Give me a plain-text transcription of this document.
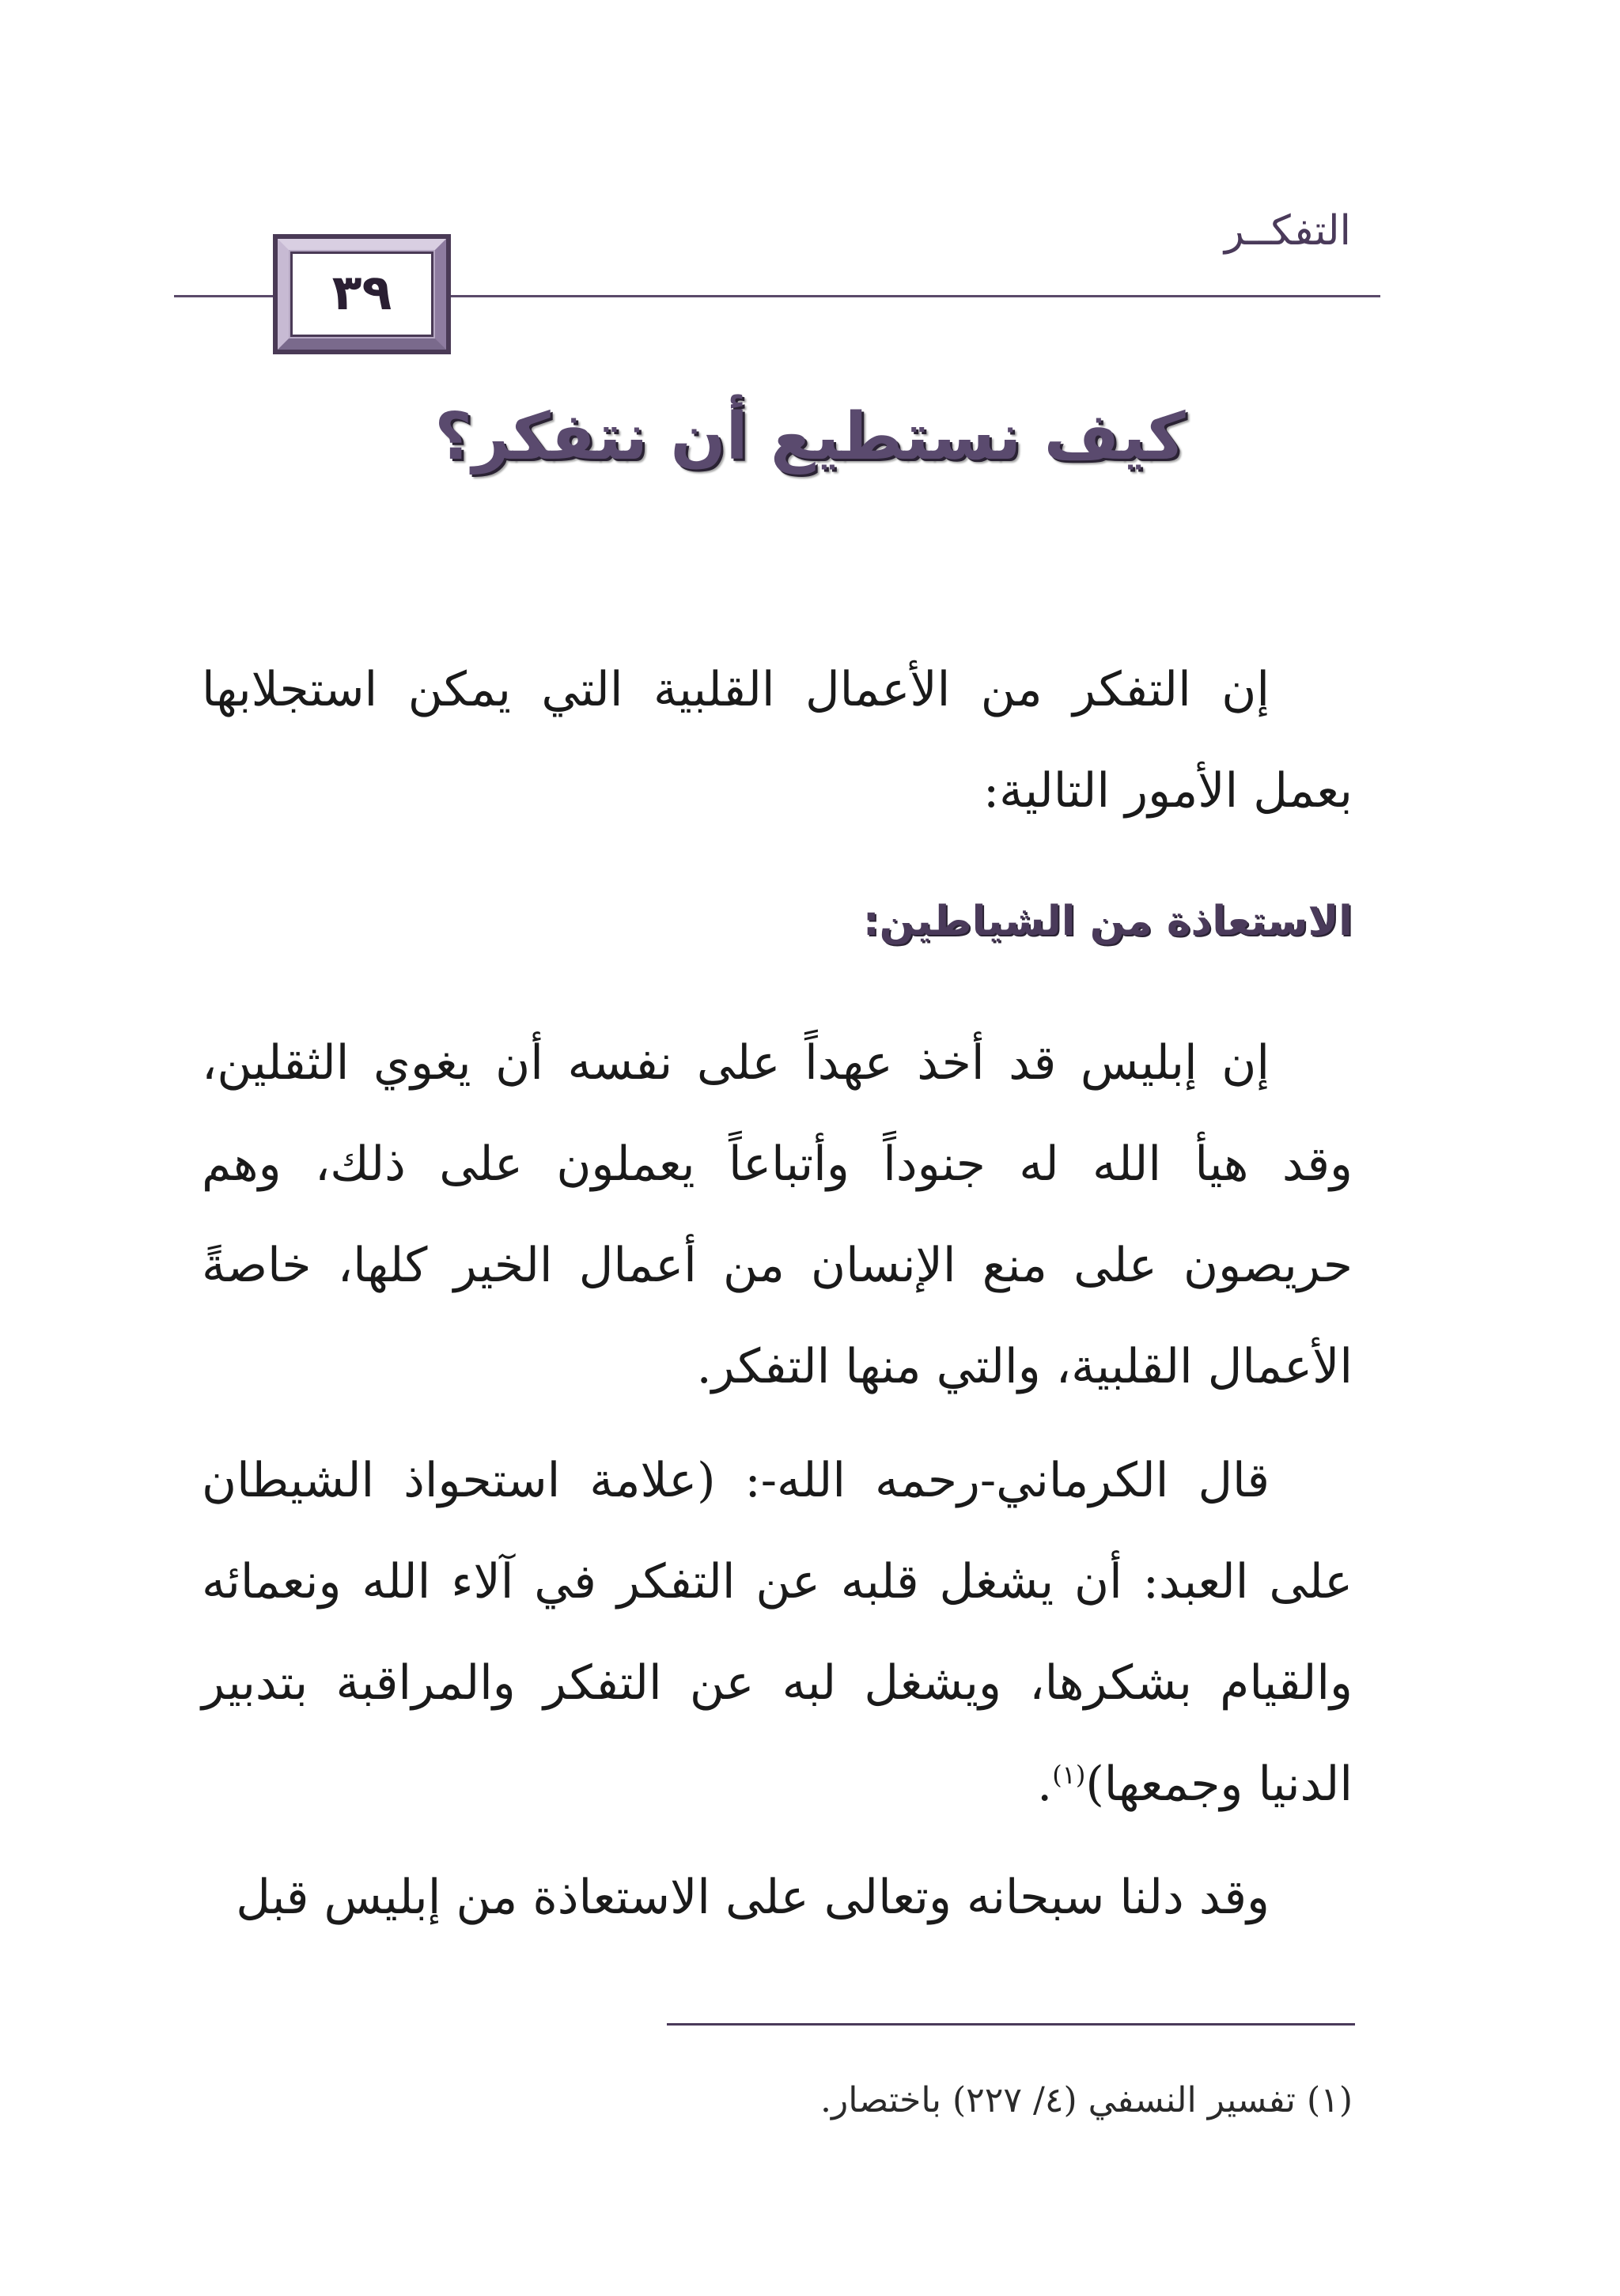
التفكــر
٣٩
كيف نستطيع أن نتفكر؟
إن التفكر من الأعمال القلبية التي يمكن استجلابها بعمل الأمور التالية:
الاستعاذة من الشياطين:
إن إبليس قد أخذ عهداً على نفسه أن يغوي الثقلين، وقد هيأ الله له جنوداً وأتباعاً يعملون على ذلك، وهم حريصون على منع الإنسان من أعمال الخير كلها، خاصةً الأعمال القلبية، والتي منها التفكر.
قال الكرماني-رحمه الله-: (علامة استحواذ الشيطان على العبد: أن يشغل قلبه عن التفكر في آلاء الله ونعمائه والقيام بشكرها، ويشغل لبه عن التفكر والمراقبة بتدبير الدنيا وجمعها)$^{(١)}$.
وقد دلنا سبحانه وتعالى على الاستعاذة من إبليس قبل
(١) تفسير النسفي (٤/ ٢٢٧) باختصار.
